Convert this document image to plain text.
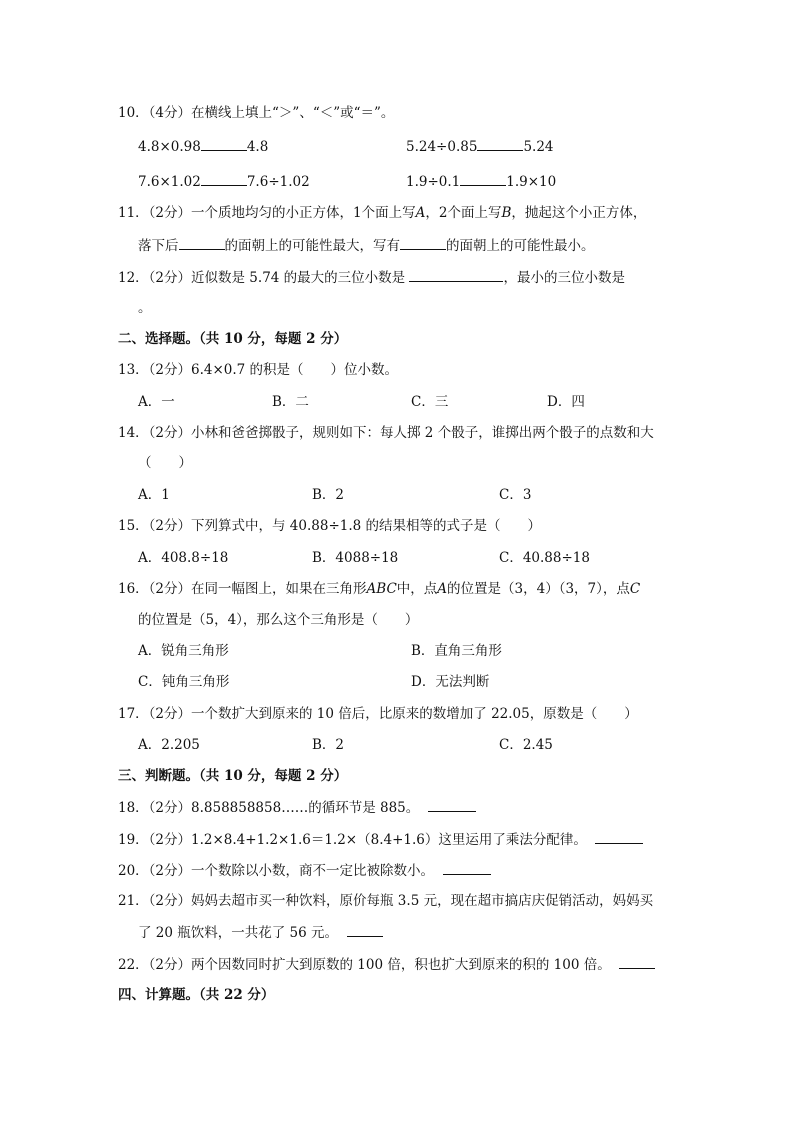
10．（4分）在横线上填上“＞”、“＜”或“＝”。
4.8×0.98	4.8	5.24÷0.85	5.24
7.6×1.02	7.6÷1.02	1.9÷0.1	1.9×10
11．（2分）一个质地均匀的小正方体，1个面上写A，2个面上写B，抛起这个小正方体，
落下后	的面朝上的可能性最大，写有	的面朝上的可能性最小。
12．（2分）近似数是 5.74 的最大的三位小数是	，最小的三位小数是
。
二、选择题。（共 10 分，每题 2 分）
13．（2分）6.4×0.7 的积是（　　）位小数。
A．一	B．二	C．三	D．四
14．（2分）小林和爸爸掷骰子，规则如下：每人掷 2 个骰子，谁掷出两个骰子的点数和大
（　　）
A．1	B．2	C．3
15．（2分）下列算式中，与 40.88÷1.8 的结果相等的式子是（　　）
A．408.8÷18	B．4088÷18	C．40.88÷18
16．（2分）在同一幅图上，如果在三角形ABC中，点A的位置是（3，4）（3，7），点C
的位置是（5，4），那么这个三角形是（　　）
A．锐角三角形	B．直角三角形
C．钝角三角形	D．无法判断
17．（2分）一个数扩大到原来的 10 倍后，比原来的数增加了 22.05，原数是（　　）
A．2.205	B．2	C．2.45
三、判断题。（共 10 分，每题 2 分）
18．（2分）8.858858858……的循环节是 885。
19．（2分）1.2×8.4+1.2×1.6＝1.2×（8.4+1.6）这里运用了乘法分配律。
20．（2分）一个数除以小数，商不一定比被除数小。
21．（2分）妈妈去超市买一种饮料，原价每瓶 3.5 元，现在超市搞店庆促销活动，妈妈买
了 20 瓶饮料，一共花了 56 元。
22．（2分）两个因数同时扩大到原数的 100 倍，积也扩大到原来的积的 100 倍。
四、计算题。（共 22 分）
